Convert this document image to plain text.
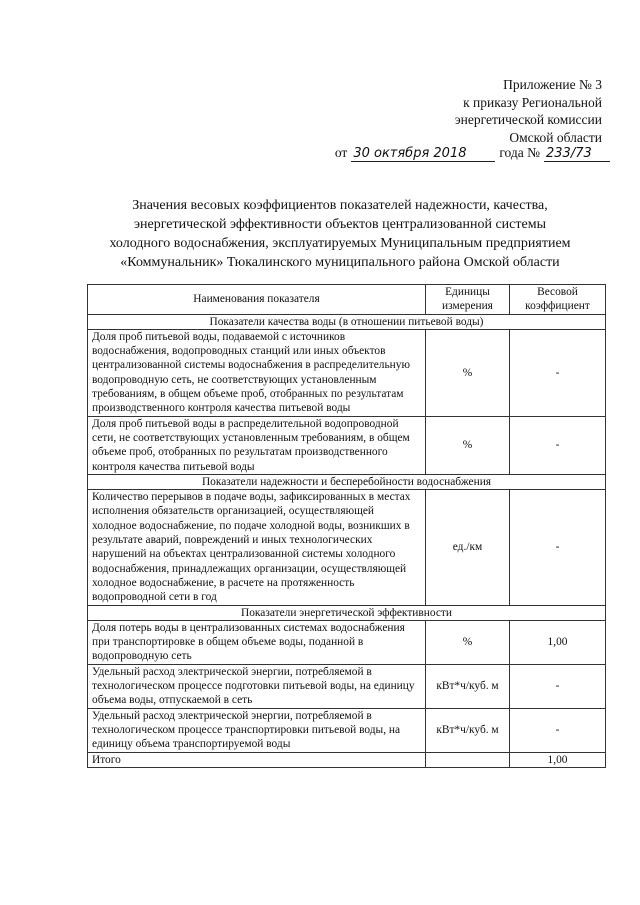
Приложение № 3
к приказу Региональной
энергетической комиссии
Омской области
от 30 октября 2018	года № 233/73
Значения весовых коэффициентов показателей надежности, качества,
энергетической эффективности объектов централизованной системы
холодного водоснабжения, эксплуатируемых Муниципальным предприятием
«Коммунальник» Тюкалинского муниципального района Омской области
Наименования показателя	Единицы измерения	Весовой коэффициент
Показатели качества воды (в отношении питьевой воды)		
Доля проб питьевой воды, подаваемой с источников водоснабжения, водопроводных станций или иных объектов централизованной системы водоснабжения в распределительную водопроводную сеть, не соответствующих установленным требованиям, в общем объеме проб, отобранных по результатам производственного контроля качества питьевой воды	%	-
Доля проб питьевой воды в распределительной водопроводной сети, не соответствующих установленным требованиям, в общем объеме проб, отобранных по результатам производственного контроля качества питьевой воды	%	-
Показатели надежности и бесперебойности водоснабжения		
Количество перерывов в подаче воды, зафиксированных в местах исполнения обязательств организацией, осуществляющей холодное водоснабжение, по подаче холодной воды, возникших в результате аварий, повреждений и иных технологических нарушений на объектах централизованной системы холодного водоснабжения, принадлежащих организации, осуществляющей холодное водоснабжение, в расчете на протяженность водопроводной сети в год	ед./км	-
Показатели энергетической эффективности		
Доля потерь воды в централизованных системах водоснабжения при транспортировке в общем объеме воды, поданной в водопроводную сеть	%	1,00
Удельный расход электрической энергии, потребляемой в технологическом процессе подготовки питьевой воды, на единицу объема воды, отпускаемой в сеть	кВт*ч/куб. м	-
Удельный расход электрической энергии, потребляемой в технологическом процессе транспортировки питьевой воды, на единицу объема транспортируемой воды	кВт*ч/куб. м	-
Итого		1,00
